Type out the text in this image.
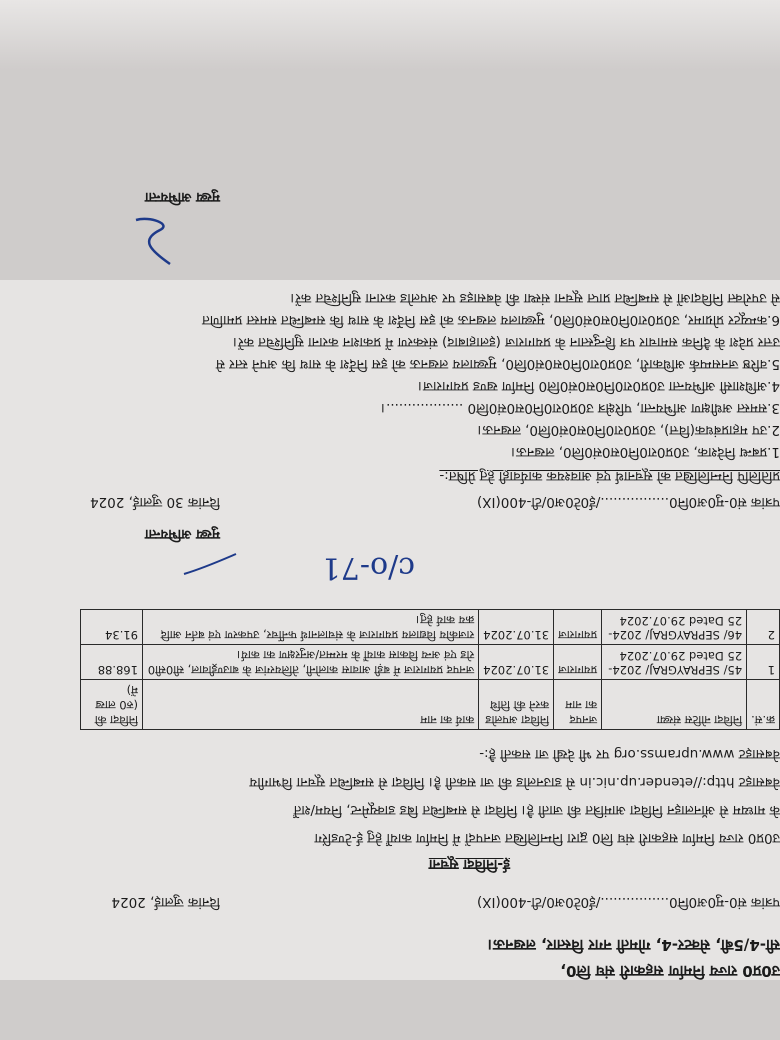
उ0प्र0 राज्य निर्माण सहकारी संघ लि0,
सी-4/5बी, सेक्टर-4, गोमती नगर विस्तार, लखनऊ।
पत्रांक सं0-मु0अ0नि0................/ई0टे0अ0/टी-400(IX)
दिनांक जुलाई, 2024
ई-निविदा सूचना
उ0प्र0 राज्य निर्माण सहकारी संघ लि0 द्वारा निम्नलिखित जनपदों में निर्माण कार्यों हेतु ई-टेण्डरिंग
के माध्यम से ऑनलाइन निविदा आमंत्रित की जाती है। निविदा से सम्बन्धित बिड डाक्यूमेन्ट, नियम/शर्तें
वेबसाइट http://etender.up.nic.in से डाउनलोड की जा सकती है। निविदा से सम्बन्धित सूचना विभागीय
वेबसाइट www.upramss.org पर भी देखी जा सकती है:-
क्र.सं.	निविदा नोटिस संख्या	जनपद का नाम	निविदा अपलोड करने की तिथि	कार्य का नाम	निविदा की (रु0 लाख में)
1	45/ SEPRAYGRAJ/ 2024-25 Dated 29.07.2024	प्रयागराज	31.07.2024	जनपद प्रयागराज में बड़ी आवास कालोनी, तेलियरगंज के बाउण्ड्रीवाल, सी0सी0 रोड एवं अन्य विकास कार्यों के मरम्मत/अनुरक्षण का कार्य।	168.88
2	46/ SEPRAYGRAJ/ 2024-25 Dated 29.07.2024	प्रयागराज	31.07.2024	राजकीय विद्यालय प्रयागराज के संचालनार्थ फर्नीचर, उपकरण एवं बर्तन आदि क्रय कार्य हेतु।	91.34
c/o-71
मुख्य अभियन्ता
पत्रांक सं0-मु0अ0नि0................/ई0टे0अ0/टी-400(IX)
दिनांक 30 जुलाई, 2024
प्रतिलिपि निम्नलिखित को सूचनार्थ एवं आवश्यक कार्यवाही हेतु प्रेषित:-
1.प्रबन्ध निदेशक, उ0प्र0रा0नि0स0सं0लि0, लखनऊ।
2.उप महाप्रबंधक(वित्त), उ0प्र0रा0नि0स0सं0लि0, लखनऊ।
3.समस्त अधीक्षण अभियन्ता, परिक्षेत्र उ0प्र0रा0नि0स0सं0लि0 ..................।
4.अधिशासी अभियन्ता उ0प्र0रा0नि0स0सं0लि0 निर्माण खण्ड प्रयागराज।
5.वरिष्ठ जनसम्पर्क अधिकारी, उ0प्र0रा0नि0स0सं0लि0, मुख्यालय लखनऊ को इस निर्देश के साथ कि अपने स्तर से
उत्तर प्रदेश के दैनिक समाचार पत्र हिन्दुस्तान के प्रयागराज (इलाहाबाद) संस्करण में प्रकाशन कराना सुनिश्चित करें।
6.कम्प्यूटर प्रोग्रामर, उ0प्र0रा0नि0स0सं0लि0, मुख्यालय लखनऊ को इस निर्देश के साथ कि सम्बन्धित समस्त प्रमाणित
से उपरोक्त निविदाओं से सम्बन्धित प्राप्त सूचना संस्था की वेबसाइड पर अपलोड कराना सुनिश्चित करें।
मुख्य अभियन्ता
